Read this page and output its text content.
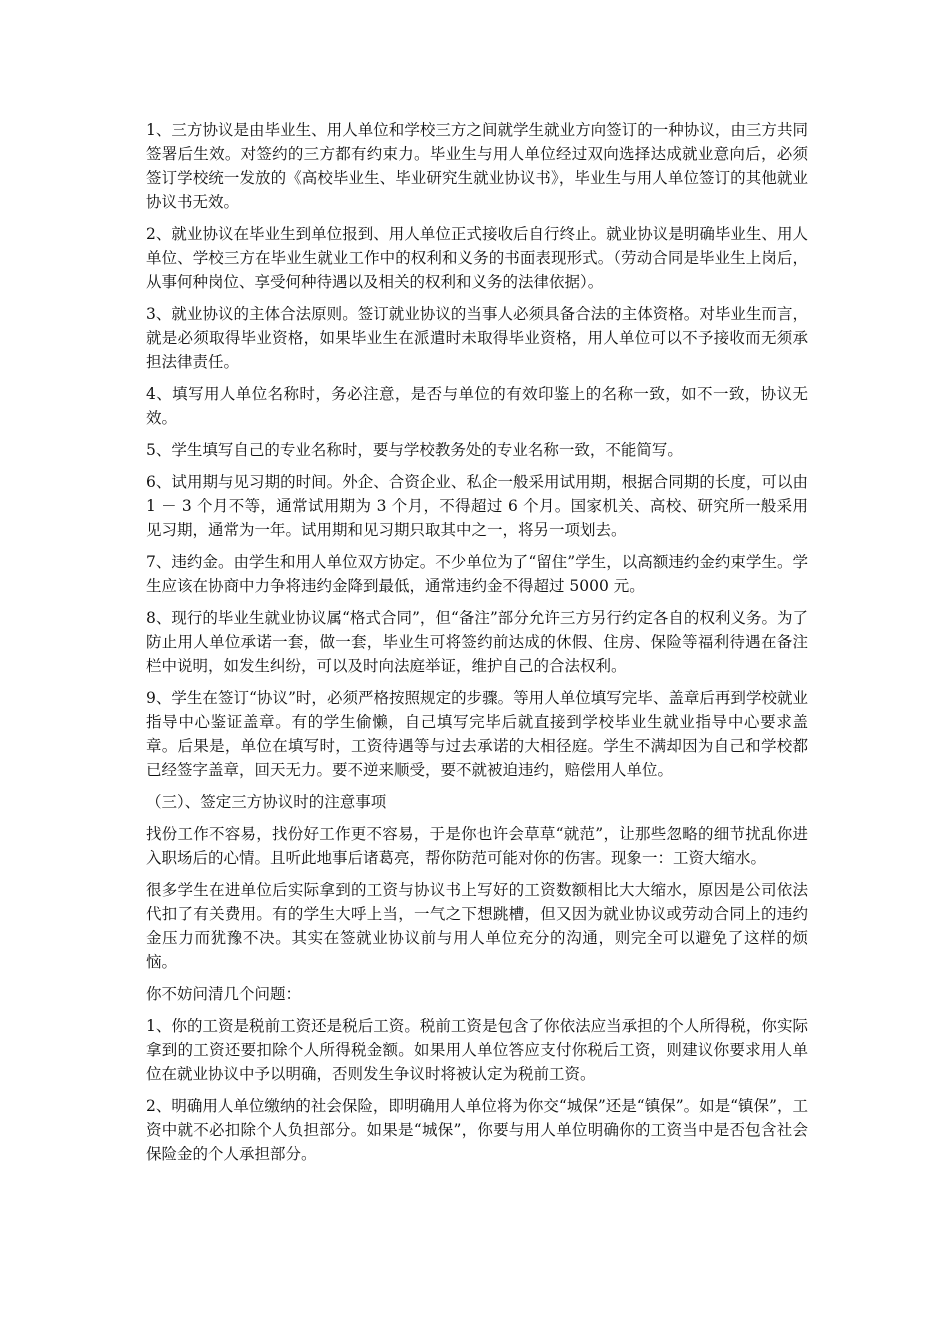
1、三方协议是由毕业生、用人单位和学校三方之间就学生就业方向签订的一种协议，由三方共同签署后生效。对签约的三方都有约束力。毕业生与用人单位经过双向选择达成就业意向后，必须签订学校统一发放的《高校毕业生、毕业研究生就业协议书》，毕业生与用人单位签订的其他就业协议书无效。

2、就业协议在毕业生到单位报到、用人单位正式接收后自行终止。就业协议是明确毕业生、用人单位、学校三方在毕业生就业工作中的权利和义务的书面表现形式。（劳动合同是毕业生上岗后，从事何种岗位、享受何种待遇以及相关的权利和义务的法律依据）。

3、就业协议的主体合法原则。签订就业协议的当事人必须具备合法的主体资格。对毕业生而言，就是必须取得毕业资格，如果毕业生在派遣时未取得毕业资格，用人单位可以不予接收而无须承担法律责任。

4、填写用人单位名称时，务必注意，是否与单位的有效印鉴上的名称一致，如不一致，协议无效。

5、学生填写自己的专业名称时，要与学校教务处的专业名称一致，不能简写。

6、试用期与见习期的时间。外企、合资企业、私企一般采用试用期，根据合同期的长度，可以由 1 － 3 个月不等，通常试用期为 3 个月，不得超过 6 个月。国家机关、高校、研究所一般采用见习期，通常为一年。试用期和见习期只取其中之一，将另一项划去。

7、违约金。由学生和用人单位双方协定。不少单位为了“留住”学生，以高额违约金约束学生。学生应该在协商中力争将违约金降到最低，通常违约金不得超过 5000 元。

8、现行的毕业生就业协议属“格式合同”，但“备注”部分允许三方另行约定各自的权利义务。为了防止用人单位承诺一套，做一套，毕业生可将签约前达成的休假、住房、保险等福利待遇在备注栏中说明，如发生纠纷，可以及时向法庭举证，维护自己的合法权利。

9、学生在签订“协议”时，必须严格按照规定的步骤。等用人单位填写完毕、盖章后再到学校就业指导中心鉴证盖章。有的学生偷懒，自己填写完毕后就直接到学校毕业生就业指导中心要求盖章。后果是，单位在填写时，工资待遇等与过去承诺的大相径庭。学生不满却因为自己和学校都已经签字盖章，回天无力。要不逆来顺受，要不就被迫违约，赔偿用人单位。

（三）、签定三方协议时的注意事项

找份工作不容易，找份好工作更不容易，于是你也许会草草“就范”，让那些忽略的细节扰乱你进入职场后的心情。且听此地事后诸葛亮，帮你防范可能对你的伤害。现象一：工资大缩水。

很多学生在进单位后实际拿到的工资与协议书上写好的工资数额相比大大缩水，原因是公司依法代扣了有关费用。有的学生大呼上当，一气之下想跳槽，但又因为就业协议或劳动合同上的违约金压力而犹豫不决。其实在签就业协议前与用人单位充分的沟通，则完全可以避免了这样的烦恼。

你不妨问清几个问题：

1、你的工资是税前工资还是税后工资。税前工资是包含了你依法应当承担的个人所得税，你实际拿到的工资还要扣除个人所得税金额。如果用人单位答应支付你税后工资，则建议你要求用人单位在就业协议中予以明确，否则发生争议时将被认定为税前工资。

2、明确用人单位缴纳的社会保险，即明确用人单位将为你交“城保”还是“镇保”。如是“镇保”，工资中就不必扣除个人负担部分。如果是“城保”，你要与用人单位明确你的工资当中是否包含社会保险金的个人承担部分。
